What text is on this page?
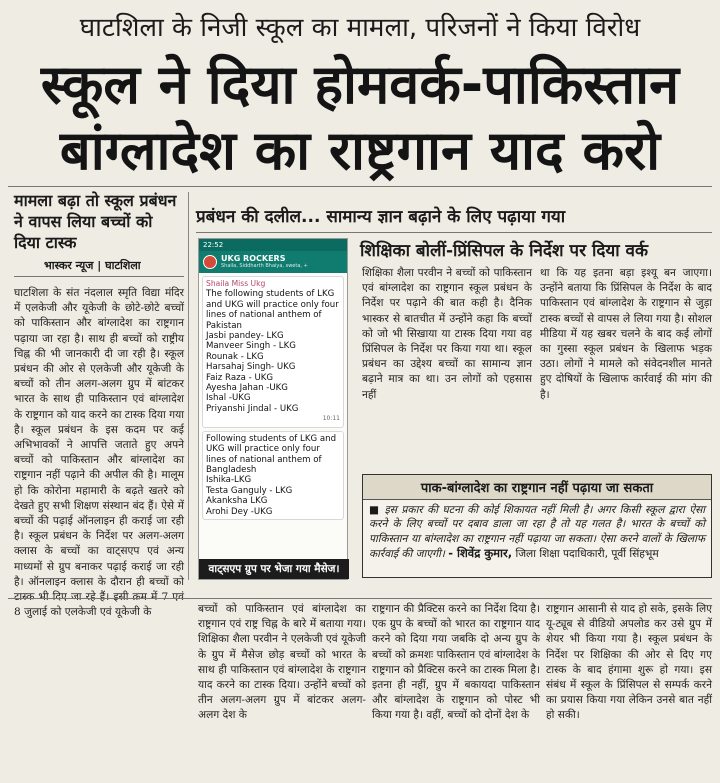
घाटशिला के निजी स्कूल का मामला, परिजनों ने किया विरोध
स्कूल ने दिया होमवर्क-पाकिस्तान
बांग्लादेश का राष्ट्रगान याद करो
मामला बढ़ा तो स्कूल प्रबंधन ने वापस लिया बच्चों को दिया टास्क
भास्कर न्यूज | घाटशिला
प्रबंधन की दलील... सामान्य ज्ञान बढ़ाने के लिए पढ़ाया गया
घाटशिला के संत नंदलाल स्मृति विद्या मंदिर में एलकेजी और यूकेजी के छोटे-छोटे बच्चों को पाकिस्तान और बांग्लादेश का राष्ट्रगान पढ़ाया जा रहा है। साथ ही बच्चों को राष्ट्रीय चिह्न की भी जानकारी दी जा रही है। स्कूल प्रबंधन की ओर से एलकेजी और यूकेजी के बच्चों को तीन अलग-अलग ग्रुप में बांटकर भारत के साथ ही पाकिस्तान एवं बांग्लादेश के राष्ट्रगान को याद करने का टास्क दिया गया है। स्कूल प्रबंधन के इस कदम पर कई अभिभावकों ने आपत्ति जताते हुए अपने बच्चों को पाकिस्तान और बांग्लादेश का राष्ट्रगान नहीं पढ़ाने की अपील की है। मालूम हो कि कोरोना महामारी के बढ़ते खतरे को देखते हुए सभी शिक्षण संस्थान बंद हैं। ऐसे में बच्चों की पढ़ाई ऑनलाइन ही कराई जा रही है। स्कूल प्रबंधन के निर्देश पर अलग-अलग क्लास के बच्चों का वाट्सएप एवं अन्य माध्यमों से ग्रुप बनाकर पढ़ाई कराई जा रही है। ऑनलाइन क्लास के दौरान ही बच्चों को 8 जुलाई को एलकेजी एवं यूकेजी के
22:52
UKG ROCKERS
Shaila, Siddharth Bhaiya, sweta, +
Shaila Miss Ukg
The following students of LKG and UKG will practice only four lines of national anthem of Pakistan
Jasbi pandey- LKG
Manveer Singh - LKG
Rounak - LKG
Harsahaj Singh- UKG
Faiz Raza - UKG
Ayesha Jahan -UKG
Ishal -UKG
Priyanshi Jindal - UKG
10:11
Following students of LKG and UKG will practice only four lines of national anthem of Bangladesh
Ishika-LKG
Testa Ganguly - LKG
Akanksha LKG
Arohi Dey -UKG
वाट्सएप ग्रुप पर भेजा गया मैसेज।
शिक्षिका बोलीं-प्रिंसिपल के निर्देश पर दिया वर्क
शिक्षिका शैला परवीन ने बच्चों को पाकिस्तान एवं बांग्लादेश का राष्ट्रगान स्कूल प्रबंधन के निर्देश पर पढ़ाने की बात कही है। दैनिक भास्कर से बातचीत में उन्होंने कहा कि बच्चों को जो भी सिखाया या टास्क दिया गया वह प्रिंसिपल के निर्देश पर किया गया था। स्कूल प्रबंधन का उद्देश्य बच्चों का सामान्य ज्ञान बढ़ाने मात्र का था। उन लोगों को एहसास नहीं
था कि यह इतना बड़ा इश्यू बन जाएगा। उन्होंने बताया कि प्रिंसिपल के निर्देश के बाद पाकिस्तान एवं बांग्लादेश के राष्ट्रगान से जुड़ा टास्क बच्चों से वापस ले लिया गया है। सोशल मीडिया में यह खबर चलने के बाद कई लोगों का गुस्सा स्कूल प्रबंधन के खिलाफ भड़क उठा। लोगों ने मामले को संवेदनशील मानते हुए दोषियों के खिलाफ कार्रवाई की मांग की है।
पाक-बांग्लादेश का राष्ट्रगान नहीं पढ़ाया जा सकता
■ इस प्रकार की घटना की कोई शिकायत नहीं मिली है। अगर किसी स्कूल द्वारा ऐसा करने के लिए बच्चों पर दबाव डाला जा रहा है तो यह गलत है। भारत के बच्चों को पाकिस्तान या बांग्लादेश का राष्ट्रगान नहीं पढ़ाया जा सकता। ऐसा करने वालों के खिलाफ कार्रवाई की जाएगी। - शिवेंद्र कुमार, जिला शिक्षा पदाधिकारी, पूर्वी सिंहभूम
बच्चों को पाकिस्तान एवं बांग्लादेश का राष्ट्रगान एवं राष्ट्र चिह्न के बारे में बताया गया। शिक्षिका शैला परवीन ने एलकेजी एवं यूकेजी के ग्रुप में मैसेज छोड़ बच्चों को भारत के साथ ही पाकिस्तान एवं बांग्लादेश के राष्ट्रगान याद करने का टास्क दिया। उन्होंने बच्चों को तीन अलग-अलग ग्रुप में बांटकर अलग-अलग देश के
राष्ट्रगान की प्रैक्टिस करने का निर्देश दिया है। एक ग्रुप के बच्चों को भारत का राष्ट्रगान याद करने को दिया गया जबकि दो अन्य ग्रुप के बच्चों को क्रमशः पाकिस्तान एवं बांग्लादेश के राष्ट्रगान को प्रैक्टिस करने का टास्क मिला है। इतना ही नहीं, ग्रुप में बकायदा पाकिस्तान और बांग्लादेश के राष्ट्रगान को पोस्ट भी किया गया है। वहीं, बच्चों को दोनों देश के
राष्ट्रगान आसानी से याद हो सके, इसके लिए यू-ट्यूब से वीडियो अपलोड कर उसे ग्रुप में शेयर भी किया गया है। स्कूल प्रबंधन के निर्देश पर शिक्षिका की ओर से दिए गए टास्क के बाद हंगामा शुरू हो गया। इस संबंध में स्कूल के प्रिंसिपल से सम्पर्क करने का प्रयास किया गया लेकिन उनसे बात नहीं हो सकी।
